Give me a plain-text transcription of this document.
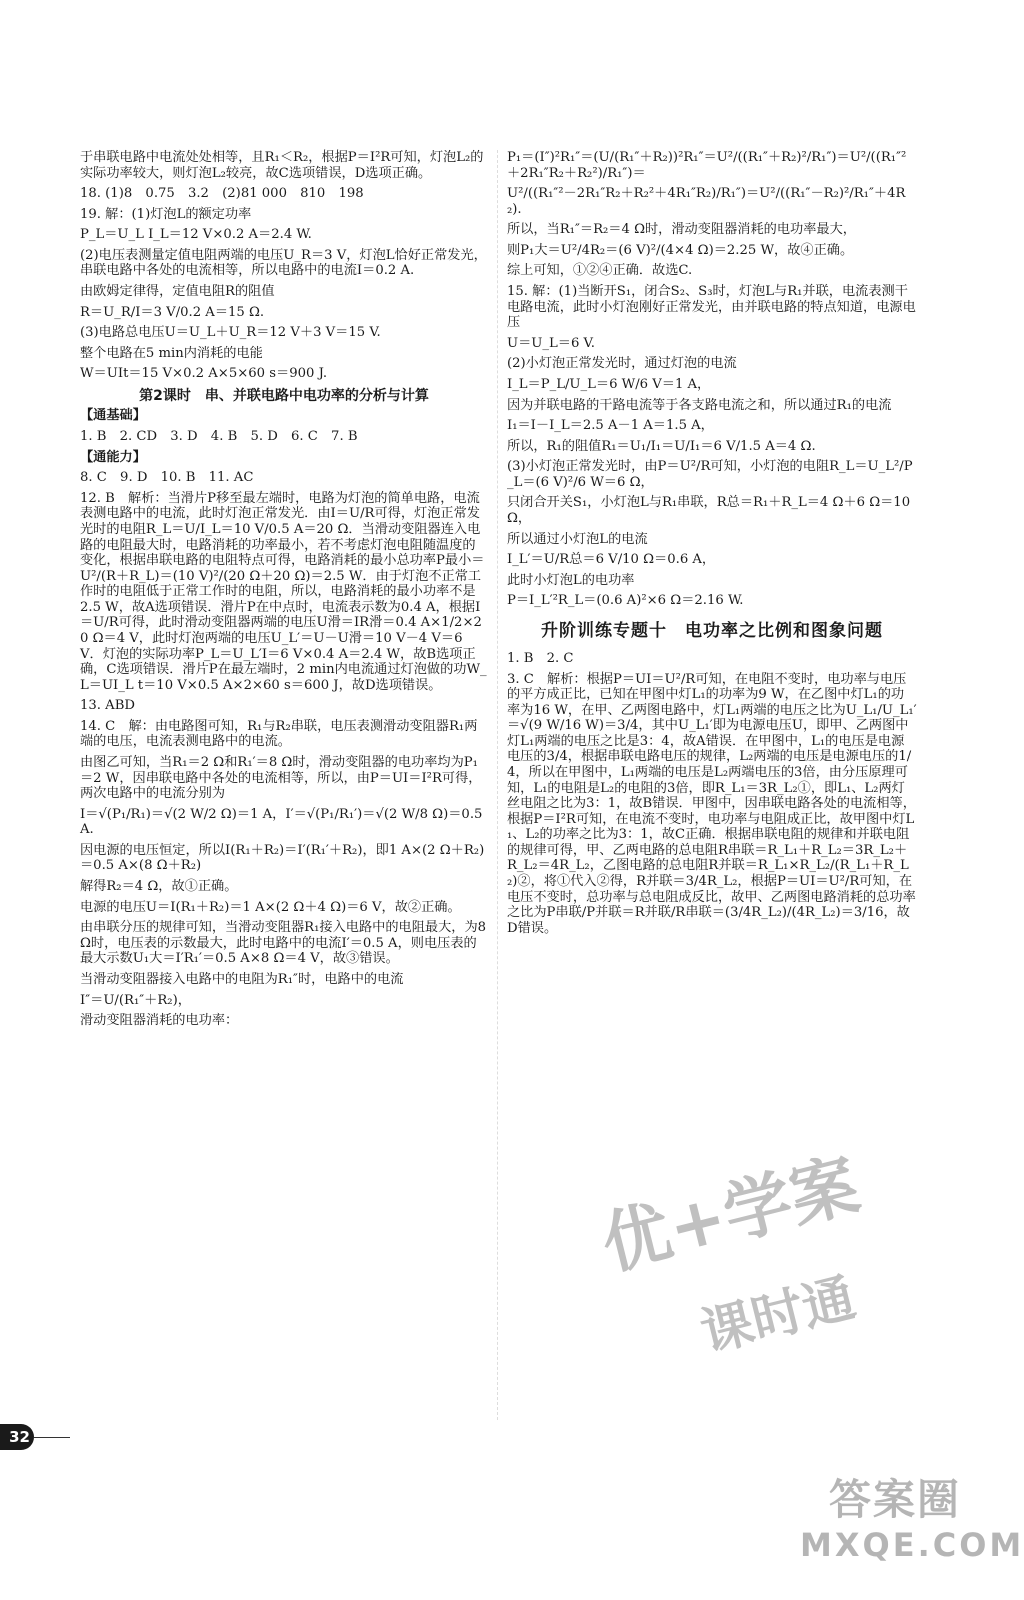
于串联电路中电流处处相等，且R₁＜R₂，根据P＝I²R可知，灯泡L₂的实际功率较大，则灯泡L₂较亮，故C选项错误，D选项正确。

18. (1)8　0.75　3.2　(2)81 000　810　198

19. 解：(1)灯泡L的额定功率

P_L＝U_L I_L＝12 V×0.2 A＝2.4 W.

(2)电压表测量定值电阻两端的电压U_R＝3 V，灯泡L恰好正常发光，串联电路中各处的电流相等，所以电路中的电流I＝0.2 A.

由欧姆定律得，定值电阻R的阻值

R＝U_R/I＝3 V/0.2 A＝15 Ω.

(3)电路总电压U＝U_L＋U_R＝12 V＋3 V＝15 V.

整个电路在5 min内消耗的电能

W＝UIt＝15 V×0.2 A×5×60 s＝900 J.

第2课时　串、并联电路中电功率的分析与计算

【通基础】

1. B　2. CD　3. D　4. B　5. D　6. C　7. B

【通能力】

8. C　9. D　10. B　11. AC

12. B　解析：当滑片P移至最左端时，电路为灯泡的简单电路，电流表测电路中的电流，此时灯泡正常发光．由I＝U/R可得，灯泡正常发光时的电阻R_L＝U/I_L＝10 V/0.5 A＝20 Ω．当滑动变阻器连入电路的电阻最大时，电路消耗的功率最小，若不考虑灯泡电阻随温度的变化，根据串联电路的电阻特点可得，电路消耗的最小总功率P最小＝U²/(R＋R_L)＝(10 V)²/(20 Ω＋20 Ω)＝2.5 W．由于灯泡不正常工作时的电阻低于正常工作时的电阻，所以，电路消耗的最小功率不是2.5 W，故A选项错误．滑片P在中点时，电流表示数为0.4 A，根据I＝U/R可得，此时滑动变阻器两端的电压U滑＝IR滑＝0.4 A×1/2×20 Ω＝4 V，此时灯泡两端的电压U_L′＝U－U滑＝10 V－4 V＝6 V．灯泡的实际功率P_L＝U_L′I＝6 V×0.4 A＝2.4 W，故B选项正确，C选项错误．滑片P在最左端时，2 min内电流通过灯泡做的功W_L＝UI_L t＝10 V×0.5 A×2×60 s＝600 J，故D选项错误。

13. ABD

14. C　解：由电路图可知，R₁与R₂串联，电压表测滑动变阻器R₁两端的电压，电流表测电路中的电流。

由图乙可知，当R₁＝2 Ω和R₁′＝8 Ω时，滑动变阻器的电功率均为P₁＝2 W，因串联电路中各处的电流相等，所以，由P＝UI＝I²R可得，两次电路中的电流分别为

I＝√(P₁/R₁)＝√(2 W/2 Ω)＝1 A，I′＝√(P₁/R₁′)＝√(2 W/8 Ω)＝0.5 A.

因电源的电压恒定，所以I(R₁＋R₂)＝I′(R₁′＋R₂)，即1 A×(2 Ω＋R₂)＝0.5 A×(8 Ω＋R₂)

解得R₂＝4 Ω，故①正确。

电源的电压U＝I(R₁＋R₂)＝1 A×(2 Ω＋4 Ω)＝6 V，故②正确。

由串联分压的规律可知，当滑动变阻器R₁接入电路中的电阻最大，为8 Ω时，电压表的示数最大，此时电路中的电流I′＝0.5 A，则电压表的最大示数U₁大＝I′R₁′＝0.5 A×8 Ω＝4 V，故③错误。

当滑动变阻器接入电路中的电阻为R₁″时，电路中的电流

I″＝U/(R₁″＋R₂)，

滑动变阻器消耗的电功率：

P₁＝(I″)²R₁″＝(U/(R₁″＋R₂))²R₁″＝U²/((R₁″＋R₂)²/R₁″)＝U²/((R₁″²＋2R₁″R₂＋R₂²)/R₁″)＝

U²/((R₁″²－2R₁″R₂＋R₂²＋4R₁″R₂)/R₁″)＝U²/((R₁″－R₂)²/R₁″＋4R₂).

所以，当R₁″＝R₂＝4 Ω时，滑动变阻器消耗的电功率最大，

则P₁大＝U²/4R₂＝(6 V)²/(4×4 Ω)＝2.25 W，故④正确。

综上可知，①②④正确．故选C.

15. 解：(1)当断开S₁，闭合S₂、S₃时，灯泡L与R₁并联，电流表测干电路电流，此时小灯泡刚好正常发光，由并联电路的特点知道，电源电压

U＝U_L＝6 V.

(2)小灯泡正常发光时，通过灯泡的电流

I_L＝P_L/U_L＝6 W/6 V＝1 A，

因为并联电路的干路电流等于各支路电流之和，所以通过R₁的电流

I₁＝I－I_L＝2.5 A－1 A＝1.5 A，

所以，R₁的阻值R₁＝U₁/I₁＝U/I₁＝6 V/1.5 A＝4 Ω.

(3)小灯泡正常发光时，由P＝U²/R可知，小灯泡的电阻R_L＝U_L²/P_L＝(6 V)²/6 W＝6 Ω，

只闭合开关S₁，小灯泡L与R₁串联，R总＝R₁＋R_L＝4 Ω＋6 Ω＝10 Ω，

所以通过小灯泡L的电流

I_L′＝U/R总＝6 V/10 Ω＝0.6 A，

此时小灯泡L的电功率

P＝I_L′²R_L＝(0.6 A)²×6 Ω＝2.16 W.

升阶训练专题十　电功率之比例和图象问题

1. B　2. C

3. C　解析：根据P＝UI＝U²/R可知，在电阻不变时，电功率与电压的平方成正比，已知在甲图中灯L₁的功率为9 W，在乙图中灯L₁的功率为16 W，在甲、乙两图电路中，灯L₁两端的电压之比为U_L₁/U_L₁′＝√(9 W/16 W)＝3/4，其中U_L₁′即为电源电压U，即甲、乙两图中灯L₁两端的电压之比是3：4，故A错误．在甲图中，L₁的电压是电源电压的3/4，根据串联电路电压的规律，L₂两端的电压是电源电压的1/4，所以在甲图中，L₁两端的电压是L₂两端电压的3倍，由分压原理可知，L₁的电阻是L₂的电阻的3倍，即R_L₁＝3R_L₂①，即L₁、L₂两灯丝电阻之比为3：1，故B错误．甲图中，因串联电路各处的电流相等，根据P＝I²R可知，在电流不变时，电功率与电阻成正比，故甲图中灯L₁、L₂的功率之比为3：1，故C正确．根据串联电阻的规律和并联电阻的规律可得，甲、乙两电路的总电阻R串联＝R_L₁＋R_L₂＝3R_L₂＋R_L₂＝4R_L₂，乙图电路的总电阻R并联＝R_L₁×R_L₂/(R_L₁＋R_L₂)②，将①代入②得，R并联＝3/4R_L₂，根据P＝UI＝U²/R可知，在电压不变时，总功率与总电阻成反比，故甲、乙两图电路消耗的总功率之比为P串联/P并联＝R并联/R串联＝(3/4R_L₂)/(4R_L₂)＝3/16，故D错误。

32
优+学案
课时通
答案圈
MXQE.COM
